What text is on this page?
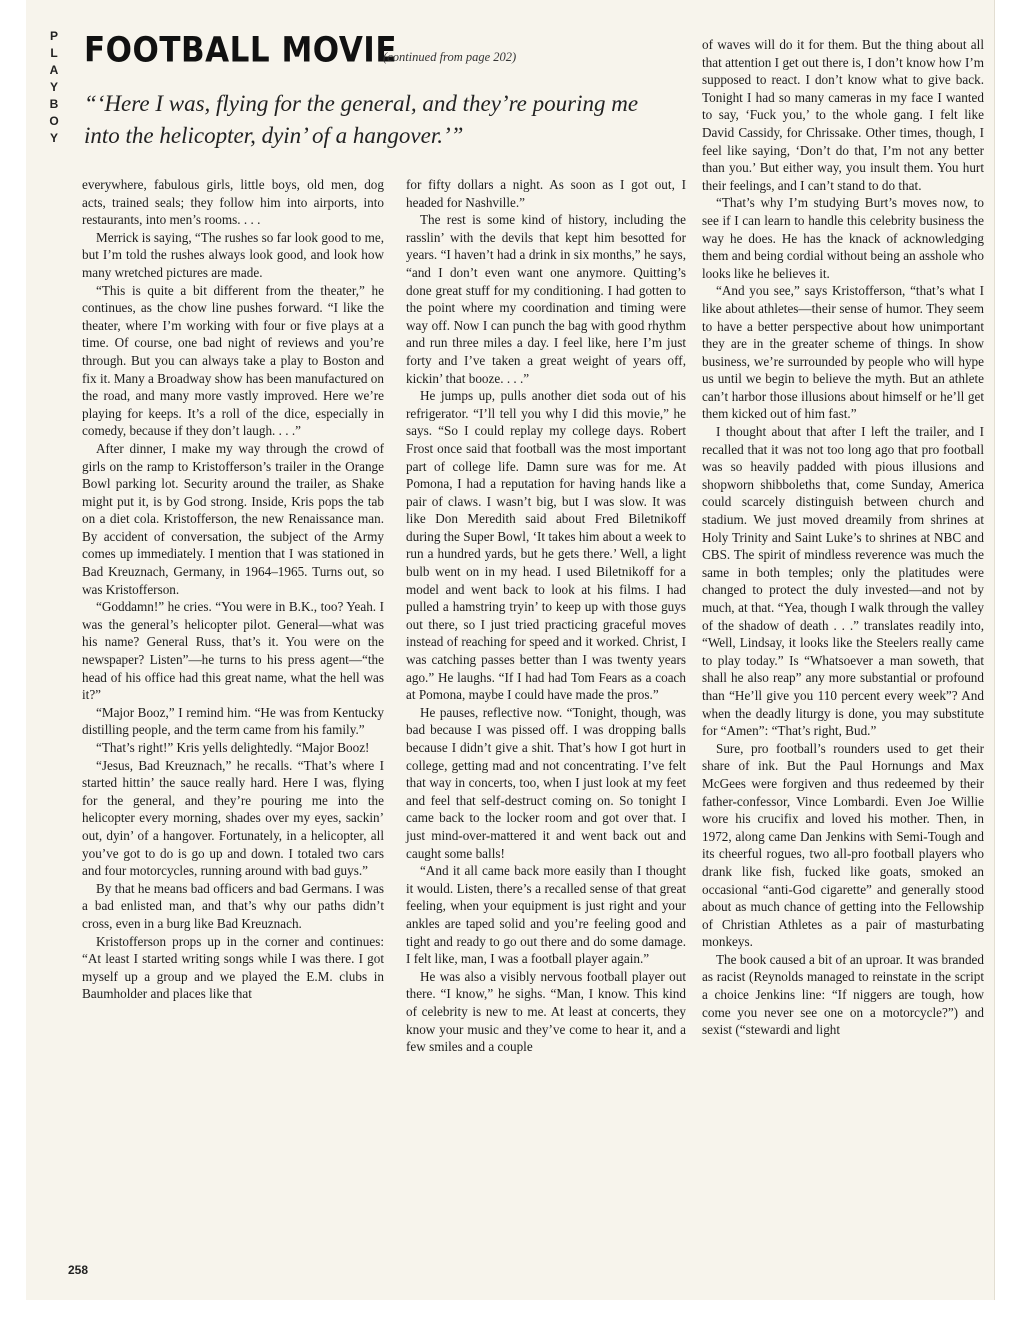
P
L
A
Y
B
O
Y
FOOTBALL MOVIE
(continued from page 202)
“‘Here I was, flying for the general, and they’re pouring me into the helicopter, dyin’ of a hangover.’”

everywhere, fabulous girls, little boys, old men, dog acts, trained seals; they follow him into airports, into restaurants, into men’s rooms. . . .

Merrick is saying, “The rushes so far look good to me, but I’m told the rushes always look good, and look how many wretched pictures are made.

“This is quite a bit different from the theater,” he continues, as the chow line pushes forward. “I like the theater, where I’m working with four or five plays at a time. Of course, one bad night of reviews and you’re through. But you can always take a play to Boston and fix it. Many a Broadway show has been manufactured on the road, and many more vastly improved. Here we’re playing for keeps. It’s a roll of the dice, especially in comedy, because if they don’t laugh. . . .”

After dinner, I make my way through the crowd of girls on the ramp to Kristofferson’s trailer in the Orange Bowl parking lot. Security around the trailer, as Shake might put it, is by God strong. Inside, Kris pops the tab on a diet cola. Kristofferson, the new Renaissance man. By accident of conversation, the subject of the Army comes up immediately. I mention that I was stationed in Bad Kreuznach, Germany, in 1964–1965. Turns out, so was Kristofferson.

“Goddamn!” he cries. “You were in B.K., too? Yeah. I was the general’s helicopter pilot. General—what was his name? General Russ, that’s it. You were on the newspaper? Listen”—he turns to his press agent—“the head of his office had this great name, what the hell was it?”

“Major Booz,” I remind him. “He was from Kentucky distilling people, and the term came from his family.”

“That’s right!” Kris yells delightedly. “Major Booz!

“Jesus, Bad Kreuznach,” he recalls. “That’s where I started hittin’ the sauce really hard. Here I was, flying for the general, and they’re pouring me into the helicopter every morning, shades over my eyes, sackin’ out, dyin’ of a hangover. Fortunately, in a helicopter, all you’ve got to do is go up and down. I totaled two cars and four motorcycles, running around with bad guys.”

By that he means bad officers and bad Germans. I was a bad enlisted man, and that’s why our paths didn’t cross, even in a burg like Bad Kreuznach.

Kristofferson props up in the corner and continues: “At least I started writing songs while I was there. I got myself up a group and we played the E.M. clubs in Baumholder and places like that

for fifty dollars a night. As soon as I got out, I headed for Nashville.”

The rest is some kind of history, including the rasslin’ with the devils that kept him besotted for years. “I haven’t had a drink in six months,” he says, “and I don’t even want one anymore. Quitting’s done great stuff for my conditioning. I had gotten to the point where my coordination and timing were way off. Now I can punch the bag with good rhythm and run three miles a day. I feel like, here I’m just forty and I’ve taken a great weight of years off, kickin’ that booze. . . .”

He jumps up, pulls another diet soda out of his refrigerator. “I’ll tell you why I did this movie,” he says. “So I could replay my college days. Robert Frost once said that football was the most important part of college life. Damn sure was for me. At Pomona, I had a reputation for having hands like a pair of claws. I wasn’t big, but I was slow. It was like Don Meredith said about Fred Biletnikoff during the Super Bowl, ‘It takes him about a week to run a hundred yards, but he gets there.’ Well, a light bulb went on in my head. I used Biletnikoff for a model and went back to look at his films. I had pulled a hamstring tryin’ to keep up with those guys out there, so I just tried practicing graceful moves instead of reaching for speed and it worked. Christ, I was catching passes better than I was twenty years ago.” He laughs. “If I had had Tom Fears as a coach at Pomona, maybe I could have made the pros.”

He pauses, reflective now. “Tonight, though, was bad because I was pissed off. I was dropping balls because I didn’t give a shit. That’s how I got hurt in college, getting mad and not concentrating. I’ve felt that way in concerts, too, when I just look at my feet and feel that self-destruct coming on. So tonight I came back to the locker room and got over that. I just mind-over-mattered it and went back out and caught some balls!

“And it all came back more easily than I thought it would. Listen, there’s a recalled sense of that great feeling, when your equipment is just right and your ankles are taped solid and you’re feeling good and tight and ready to go out there and do some damage. I felt like, man, I was a football player again.”

He was also a visibly nervous football player out there. “I know,” he sighs. “Man, I know. This kind of celebrity is new to me. At least at concerts, they know your music and they’ve come to hear it, and a few smiles and a couple

of waves will do it for them. But the thing about all that attention I get out there is, I don’t know how I’m supposed to react. I don’t know what to give back. Tonight I had so many cameras in my face I wanted to say, ‘Fuck you,’ to the whole gang. I felt like David Cassidy, for Chrissake. Other times, though, I feel like saying, ‘Don’t do that, I’m not any better than you.’ But either way, you insult them. You hurt their feelings, and I can’t stand to do that.

“That’s why I’m studying Burt’s moves now, to see if I can learn to handle this celebrity business the way he does. He has the knack of acknowledging them and being cordial without being an asshole who looks like he believes it.

“And you see,” says Kristofferson, “that’s what I like about athletes—their sense of humor. They seem to have a better perspective about how unimportant they are in the greater scheme of things. In show business, we’re surrounded by people who will hype us until we begin to believe the myth. But an athlete can’t harbor those illusions about himself or he’ll get them kicked out of him fast.”

I thought about that after I left the trailer, and I recalled that it was not too long ago that pro football was so heavily padded with pious illusions and shopworn shibboleths that, come Sunday, America could scarcely distinguish between church and stadium. We just moved dreamily from shrines at Holy Trinity and Saint Luke’s to shrines at NBC and CBS. The spirit of mindless reverence was much the same in both temples; only the platitudes were changed to protect the duly invested—and not by much, at that. “Yea, though I walk through the valley of the shadow of death . . .” translates readily into, “Well, Lindsay, it looks like the Steelers really came to play today.” Is “Whatsoever a man soweth, that shall he also reap” any more substantial or profound than “He’ll give you 110 percent every week”? And when the deadly liturgy is done, you may substitute for “Amen”: “That’s right, Bud.”

Sure, pro football’s rounders used to get their share of ink. But the Paul Hornungs and Max McGees were forgiven and thus redeemed by their father-confessor, Vince Lombardi. Even Joe Willie wore his crucifix and loved his mother. Then, in 1972, along came Dan Jenkins with Semi-Tough and its cheerful rogues, two all-pro football players who drank like fish, fucked like goats, smoked an occasional “anti-God cigarette” and generally stood about as much chance of getting into the Fellowship of Christian Athletes as a pair of masturbating monkeys.

The book caused a bit of an uproar. It was branded as racist (Reynolds managed to reinstate in the script a choice Jenkins line: “If niggers are tough, how come you never see one on a motorcycle?”) and sexist (“stewardi and light

258
